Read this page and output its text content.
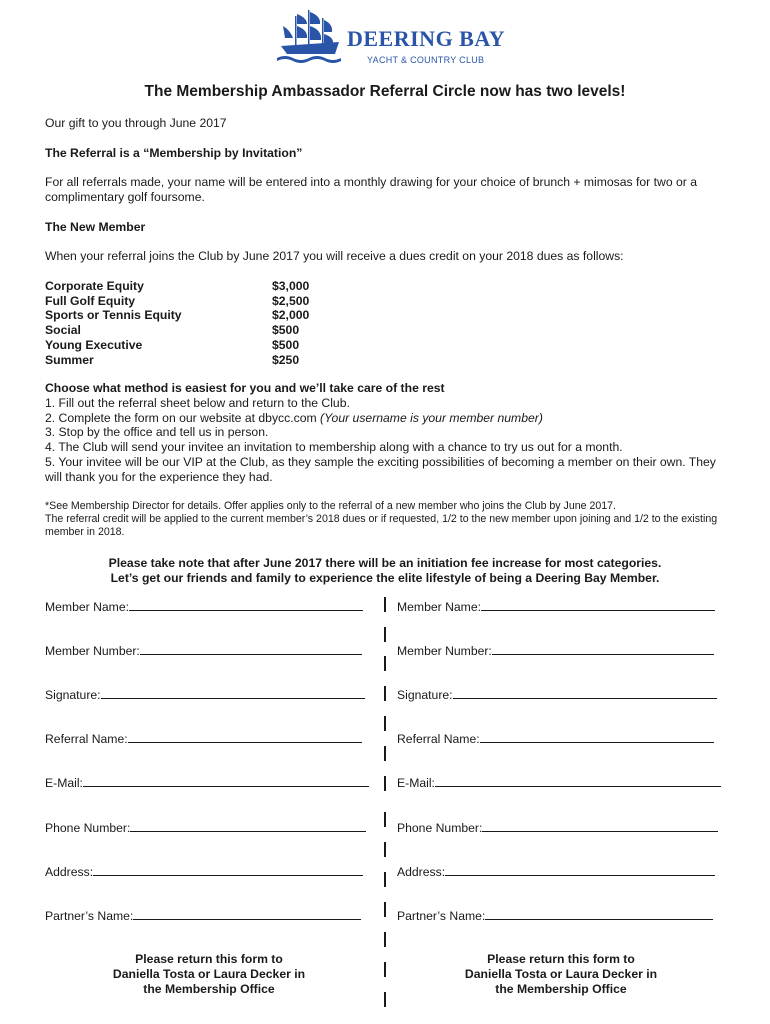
DEERING BAY
YACHT & COUNTRY CLUB
The Membership Ambassador Referral Circle now has two levels!

Our gift to you through June 2017

The Referral is a “Membership by Invitation”

For all referrals made, your name will be entered into a monthly drawing for your choice of brunch + mimosas for two or a complimentary golf foursome.

The New Member

When your referral joins the Club by June 2017 you will receive a dues credit on your 2018 dues as follows:

Corporate Equity	$3,000
Full Golf Equity	$2,500
Sports or Tennis Equity	$2,000
Social	$500
Young Executive	$500
Summer	$250

Choose what method is easiest for you and we’ll take care of the rest

1. Fill out the referral sheet below and return to the Club.

2. Complete the form on our website at dbycc.com (Your username is your member number)

3. Stop by the office and tell us in person.

4. The Club will send your invitee an invitation to membership along with a chance to try us out for a month.

5. Your invitee will be our VIP at the Club, as they sample the exciting possibilities of becoming a member on their own. They will thank you for the experience they had.

*See Membership Director for details. Offer applies only to the referral of a new member who joins the Club by June 2017.
The referral credit will be applied to the current member’s 2018 dues or if requested, 1/2 to the new member upon joining and 1/2 to the existing member in 2018.
Please take note that after June 2017 there will be an initiation fee increase for most categories.
Let’s get our friends and family to experience the elite lifestyle of being a Deering Bay Member.
Member Name:
Member Number:
Signature:
Referral Name:
E-Mail:
Phone Number:
Address:
Partner’s Name:
Member Name:
Member Number:
Signature:
Referral Name:
E-Mail:
Phone Number:
Address:
Partner’s Name:
Please return this form to
Daniella Tosta or Laura Decker in
the Membership Office
Please return this form to
Daniella Tosta or Laura Decker in
the Membership Office
